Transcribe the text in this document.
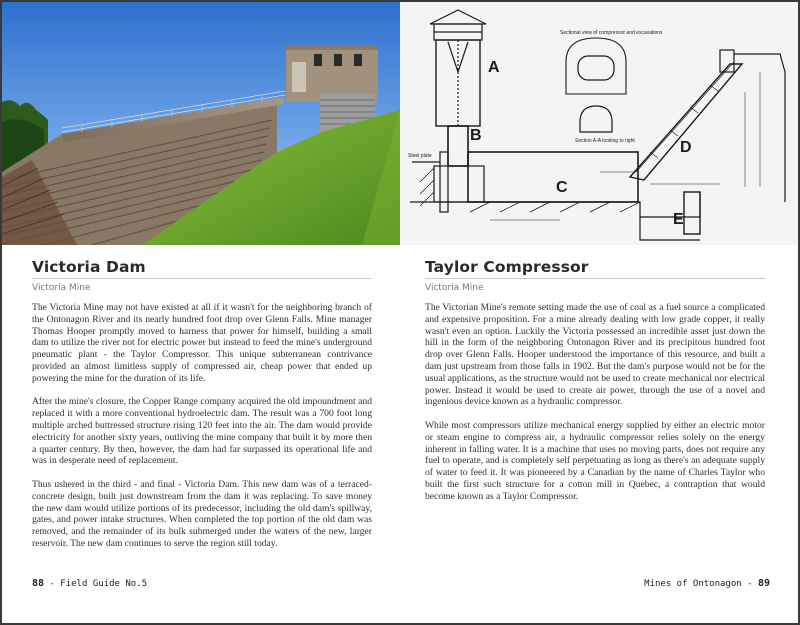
Victoria Dam
Victoria Mine

The Victoria Mine may not have existed at all if it wasn't for the neighboring branch of the Ontonagon River and its nearly hundred foot drop over Glenn Falls. Mine manager Thomas Hooper promptly moved to harness that power for himself, building a small dam to utilize the river not for electric power but instead to feed the mine's underground pneumatic plant - the Taylor Compressor. This unique subterranean contrivance provided an almost limitless supply of compressed air, cheap power that ended up powering the mine for the duration of its life.

After the mine's closure, the Copper Range company acquired the old impoundment and replaced it with a more conventional hydroelectric dam. The result was a 700 foot long multiple arched buttressed structure rising 120 feet into the air. The dam would provide electricity for another sixty years, outliving the mine company that built it by more then a quarter century. By then, however, the dam had far surpassed its operational life and was in desperate need of replacement.

Thus ushered in the third - and final - Victoria Dam. This new dam was of a terraced-concrete design, built just downstream from the dam it was replacing. To save money the new dam would utilize portions of its predecessor, including the old dam's spillway, gates, and power intake structures. When completed the top portion of the old dam was removed, and the remainder of its bulk submerged under the waters of the new, larger reservoir. The new dam continues to serve the region still today.

88 - Field Guide No.5
A
B
C
D
E
Sectional view of compressor and excavations
Section A-A looking to right
Steel plate
Taylor Compressor
Victoria Mine

The Victorian Mine's remote setting made the use of coal as a fuel source a complicated and expensive proposition. For a mine already dealing with low grade copper, it really wasn't even an option. Luckily the Victoria possessed an incredible asset just down the hill in the form of the neighboring Ontonagon River and its precipitous hundred foot drop over Glenn Falls. Hooper understood the importance of this resource, and built a dam just upstream from those falls in 1902. But the dam's purpose would not be for the usual applications, as the structure would not be used to create mechanical nor electrical power. Instead it would be used to create air power, through the use of a novel and ingenious device known as a hydraulic compressor.

While most compressors utilize mechanical energy supplied by either an electric motor or steam engine to compress air, a hydraulic compressor relies solely on the energy inherent in falling water. It is a machine that uses no moving parts, does not require any fuel to operate, and is completely self perpetuating as long as there's an adequate supply of water to feed it. It was pioneered by a Canadian by the name of Charles Taylor who built the first such structure for a cotton mill in Quebec, a contraption that would become known as a Taylor Compressor.

Mines of Ontonagon - 89
